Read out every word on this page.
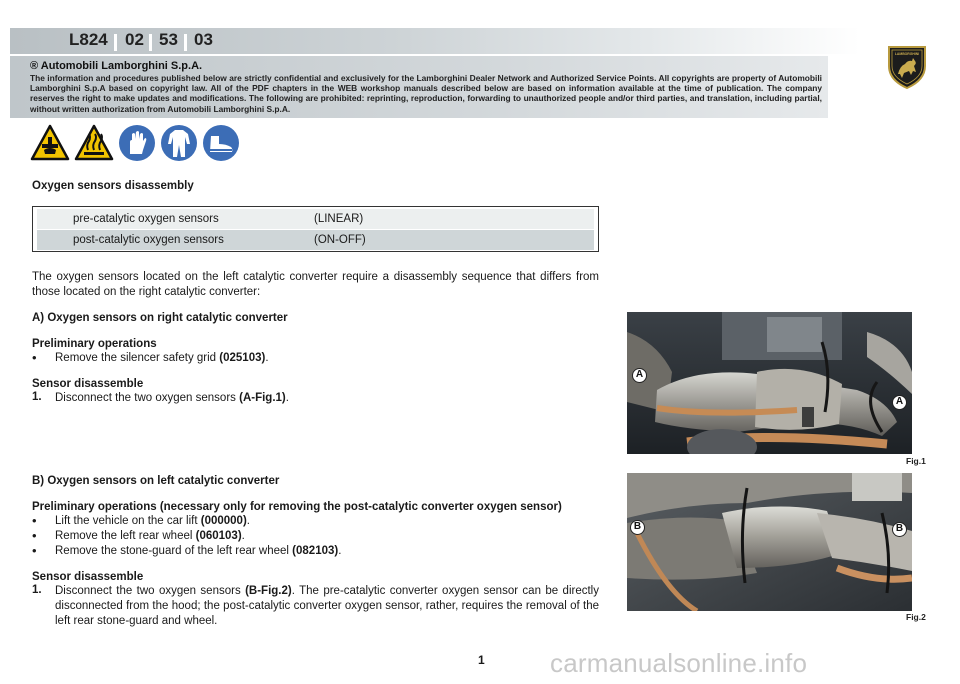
L824 02 53 03
LAMBORGHINI
® Automobili Lamborghini S.p.A.
The information and procedures published below are strictly confidential and exclusively for the Lamborghini Dealer Network and Authorized Service Points. All copyrights are property of Automobili Lamborghini S.p.A based on copyright law. All of the PDF chapters in the WEB workshop manuals described below are based on information available at the time of publication. The company reserves the right to make updates and modifications. The following are prohibited: reprinting, reproduction, forwarding to unauthorized people and/or third parties, and translation, including partial, without written authorization from Automobili Lamborghini S.p.A.
Oxygen sensors disassembly
pre-catalytic oxygen sensors	(LINEAR)
post-catalytic oxygen sensors	(ON-OFF)
The oxygen sensors located on the left catalytic converter require a disassembly sequence that differs from those located on the right catalytic converter:
A) Oxygen sensors on right catalytic converter
Preliminary operations
• Remove the silencer safety grid (025103).
Sensor disassemble
1. Disconnect the two oxygen sensors (A-Fig.1).
B) Oxygen sensors on left catalytic converter
Preliminary operations (necessary only for removing the post-catalytic converter oxygen sensor)
• Lift the vehicle on the car lift (000000).
• Remove the left rear wheel (060103).
• Remove the stone-guard of the left rear wheel (082103).
Sensor disassemble
1. Disconnect the two oxygen sensors (B-Fig.2). The pre-catalytic converter oxygen sensor can be directly disconnected from the hood; the post-catalytic converter oxygen sensor, rather, requires the removal of the left rear stone-guard and wheel.
A
A
Fig.1
B	B
Fig.2
1	carmanualsonline.info
